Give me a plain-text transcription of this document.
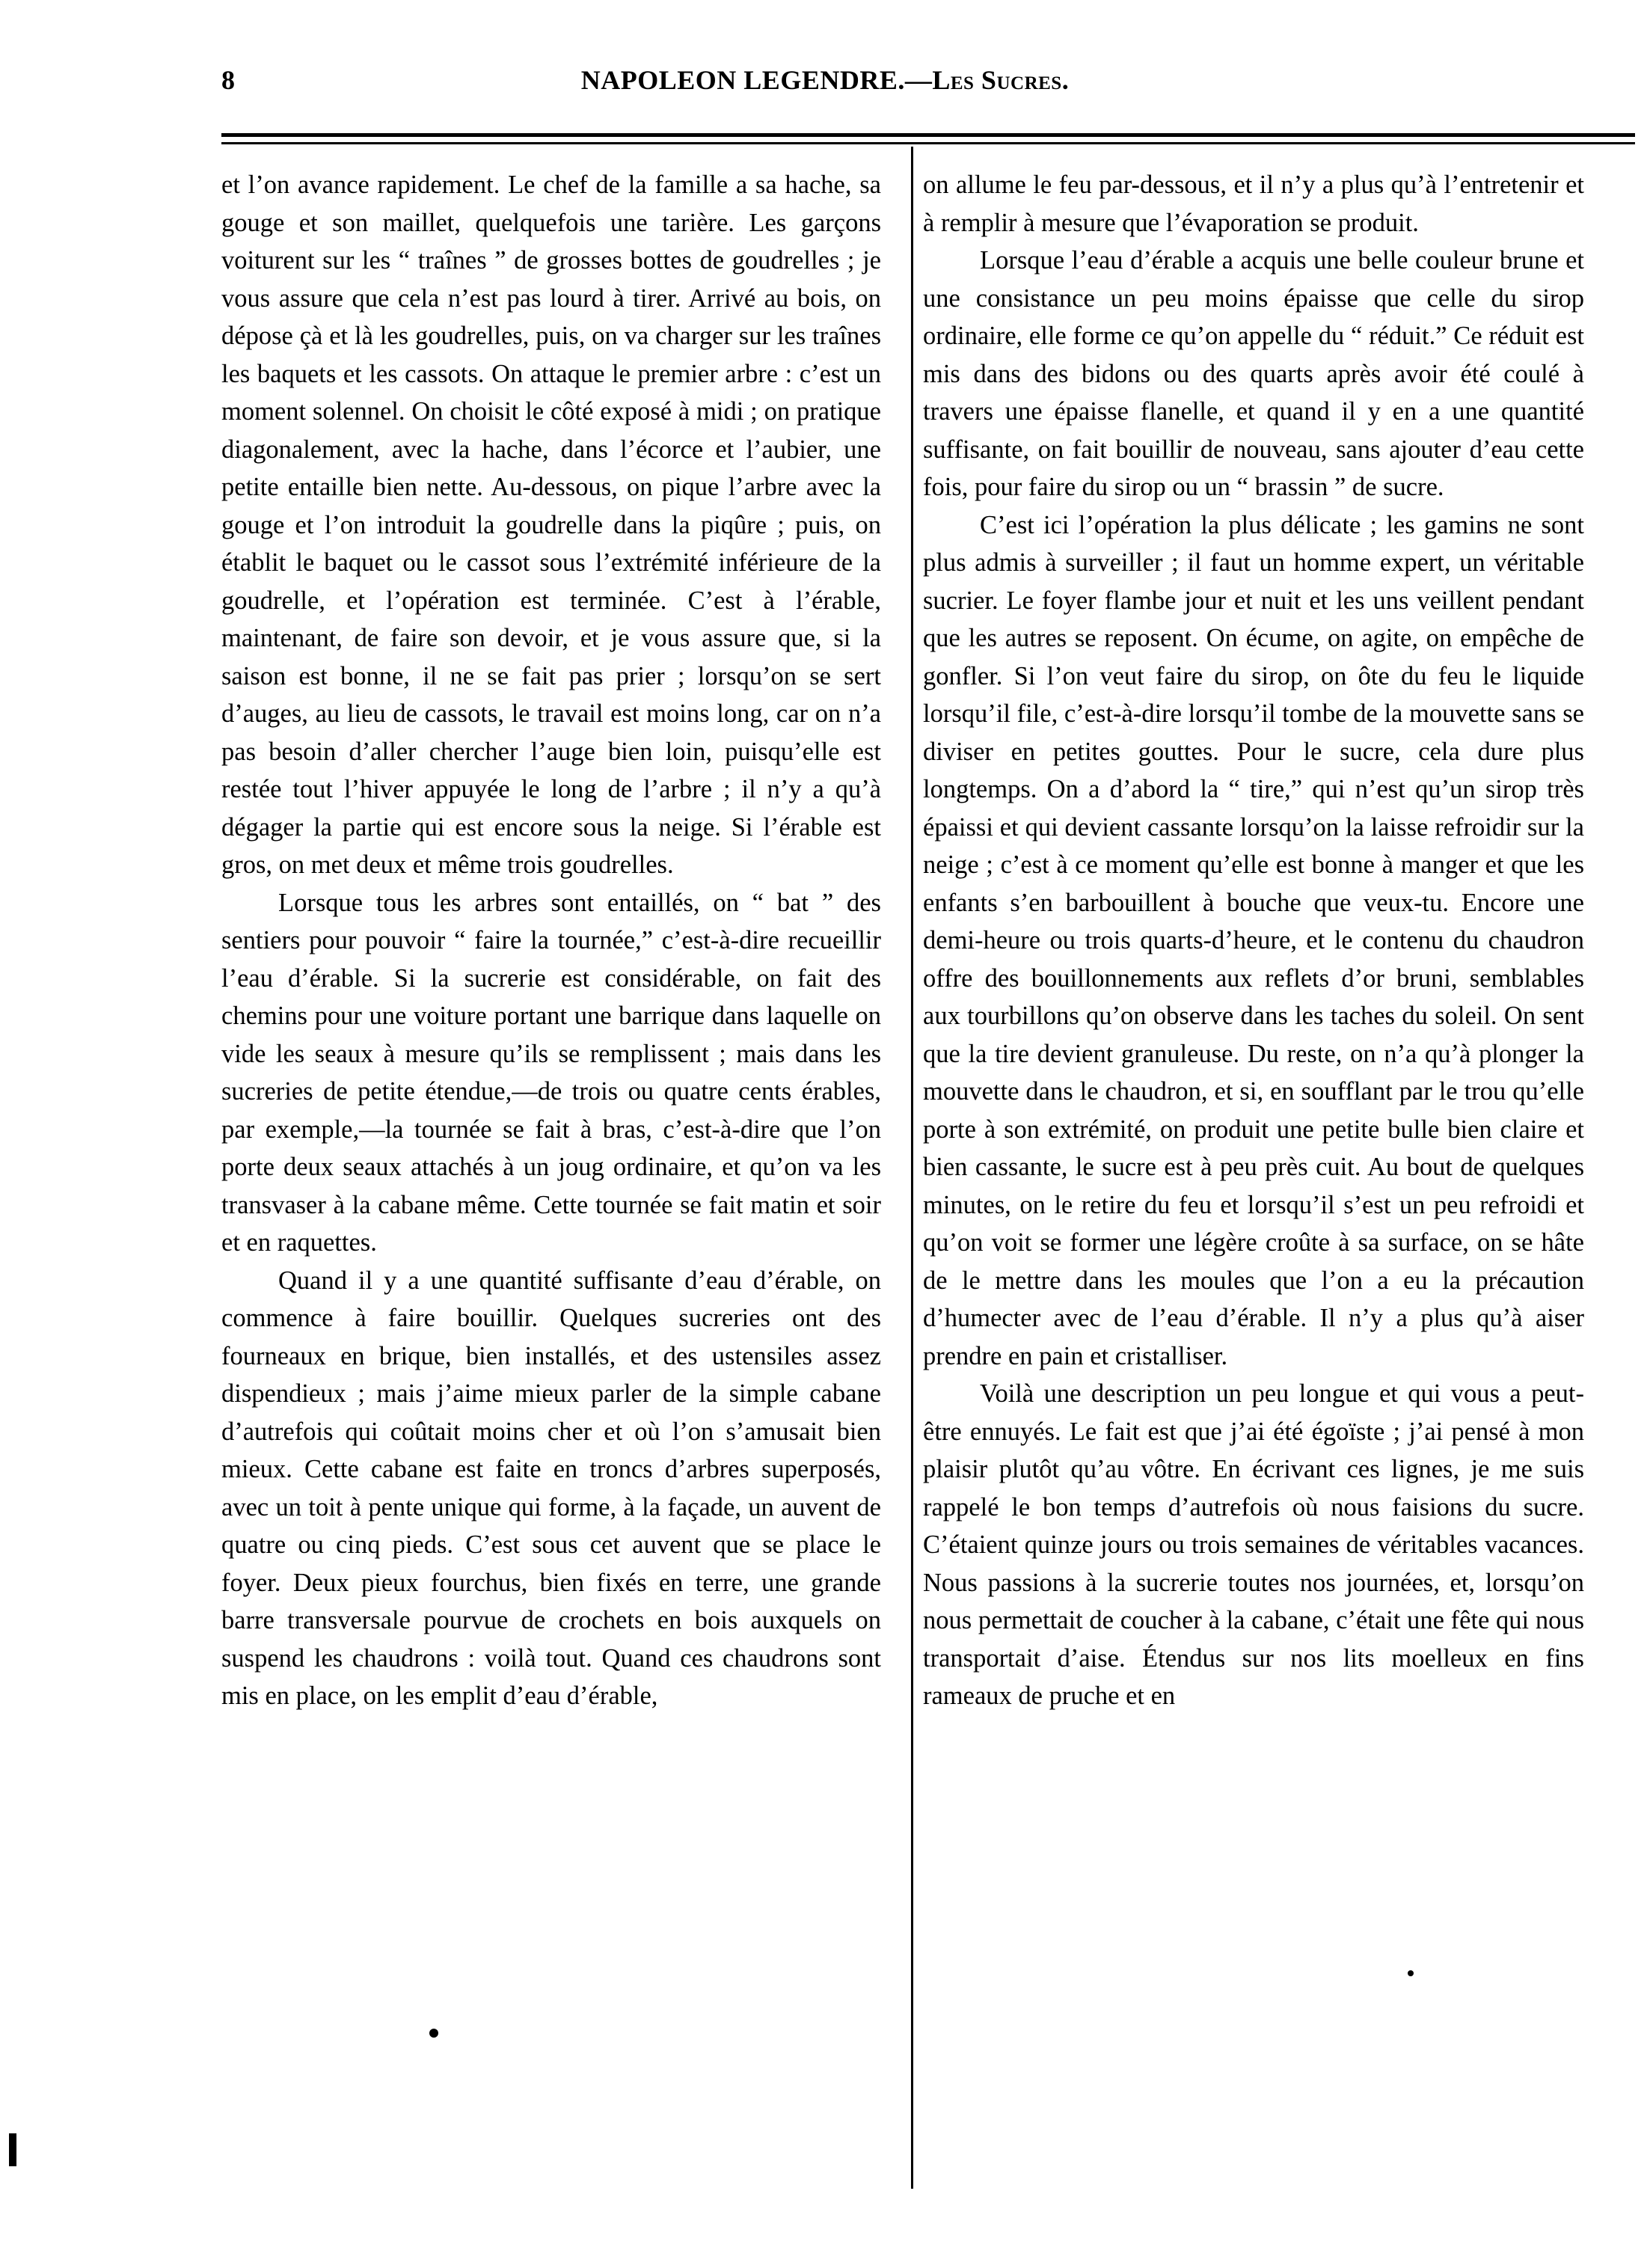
8	NAPOLEON LEGENDRE.—Les Sucres.

et l’on avance rapidement. Le chef de la famille a sa hache, sa gouge et son maillet, quelquefois une tarière. Les garçons voiturent sur les “ traînes ” de grosses bottes de goudrelles ; je vous assure que cela n’est pas lourd à tirer. Arrivé au bois, on dépose çà et là les goudrelles, puis, on va charger sur les traînes les baquets et les cassots. On attaque le premier arbre : c’est un moment solennel. On choisit le côté exposé à midi ; on pratique diagonalement, avec la hache, dans l’écorce et l’aubier, une petite entaille bien nette. Au-dessous, on pique l’arbre avec la gouge et l’on introduit la goudrelle dans la piqûre ; puis, on établit le baquet ou le cassot sous l’extrémité inférieure de la goudrelle, et l’opération est terminée. C’est à l’érable, maintenant, de faire son devoir, et je vous assure que, si la saison est bonne, il ne se fait pas prier ; lorsqu’on se sert d’auges, au lieu de cassots, le travail est moins long, car on n’a pas besoin d’aller chercher l’auge bien loin, puisqu’elle est restée tout l’hiver appuyée le long de l’arbre ; il n’y a qu’à dégager la partie qui est encore sous la neige. Si l’érable est gros, on met deux et même trois goudrelles.

Lorsque tous les arbres sont entaillés, on “ bat ” des sentiers pour pouvoir “ faire la tournée,” c’est-à-dire recueillir l’eau d’érable. Si la sucrerie est considérable, on fait des chemins pour une voiture portant une barrique dans laquelle on vide les seaux à mesure qu’ils se remplissent ; mais dans les sucreries de petite étendue,—de trois ou quatre cents érables, par exemple,—la tournée se fait à bras, c’est-à-dire que l’on porte deux seaux attachés à un joug ordinaire, et qu’on va les transvaser à la cabane même. Cette tournée se fait matin et soir et en raquettes.

Quand il y a une quantité suffisante d’eau d’érable, on commence à faire bouillir. Quelques sucreries ont des fourneaux en brique, bien installés, et des ustensiles assez dispendieux ; mais j’aime mieux parler de la simple cabane d’autrefois qui coûtait moins cher et où l’on s’amusait bien mieux. Cette cabane est faite en troncs d’arbres superposés, avec un toit à pente unique qui forme, à la façade, un auvent de quatre ou cinq pieds. C’est sous cet auvent que se place le foyer. Deux pieux fourchus, bien fixés en terre, une grande barre transversale pourvue de crochets en bois auxquels on suspend les chaudrons : voilà tout. Quand ces chaudrons sont mis en place, on les emplit d’eau d’érable,

on allume le feu par-dessous, et il n’y a plus qu’à l’entretenir et à remplir à mesure que l’évaporation se produit.

Lorsque l’eau d’érable a acquis une belle couleur brune et une consistance un peu moins épaisse que celle du sirop ordinaire, elle forme ce qu’on appelle du “ réduit.” Ce réduit est mis dans des bidons ou des quarts après avoir été coulé à travers une épaisse flanelle, et quand il y en a une quantité suffisante, on fait bouillir de nouveau, sans ajouter d’eau cette fois, pour faire du sirop ou un “ brassin ” de sucre.

C’est ici l’opération la plus délicate ; les gamins ne sont plus admis à surveiller ; il faut un homme expert, un véritable sucrier. Le foyer flambe jour et nuit et les uns veillent pendant que les autres se reposent. On écume, on agite, on empêche de gonfler. Si l’on veut faire du sirop, on ôte du feu le liquide lorsqu’il file, c’est-à-dire lorsqu’il tombe de la mouvette sans se diviser en petites gouttes. Pour le sucre, cela dure plus longtemps. On a d’abord la “ tire,” qui n’est qu’un sirop très épaissi et qui devient cassante lorsqu’on la laisse refroidir sur la neige ; c’est à ce moment qu’elle est bonne à manger et que les enfants s’en barbouillent à bouche que veux-tu. Encore une demi-heure ou trois quarts-d’heure, et le contenu du chaudron offre des bouillonnements aux reflets d’or bruni, semblables aux tourbillons qu’on observe dans les taches du soleil. On sent que la tire devient granuleuse. Du reste, on n’a qu’à plonger la mouvette dans le chaudron, et si, en soufflant par le trou qu’elle porte à son extrémité, on produit une petite bulle bien claire et bien cassante, le sucre est à peu près cuit. Au bout de quelques minutes, on le retire du feu et lorsqu’il s’est un peu refroidi et qu’on voit se former une légère croûte à sa surface, on se hâte de le mettre dans les moules que l’on a eu la précaution d’humecter avec de l’eau d’érable. Il n’y a plus qu’à aiser prendre en pain et cristalliser.

Voilà une description un peu longue et qui vous a peut-être ennuyés. Le fait est que j’ai été égoïste ; j’ai pensé à mon plaisir plutôt qu’au vôtre. En écrivant ces lignes, je me suis rappelé le bon temps d’autrefois où nous faisions du sucre. C’étaient quinze jours ou trois semaines de véritables vacances. Nous passions à la sucrerie toutes nos journées, et, lorsqu’on nous permettait de coucher à la cabane, c’était une fête qui nous transportait d’aise. Étendus sur nos lits moelleux en fins rameaux de pruche et en
